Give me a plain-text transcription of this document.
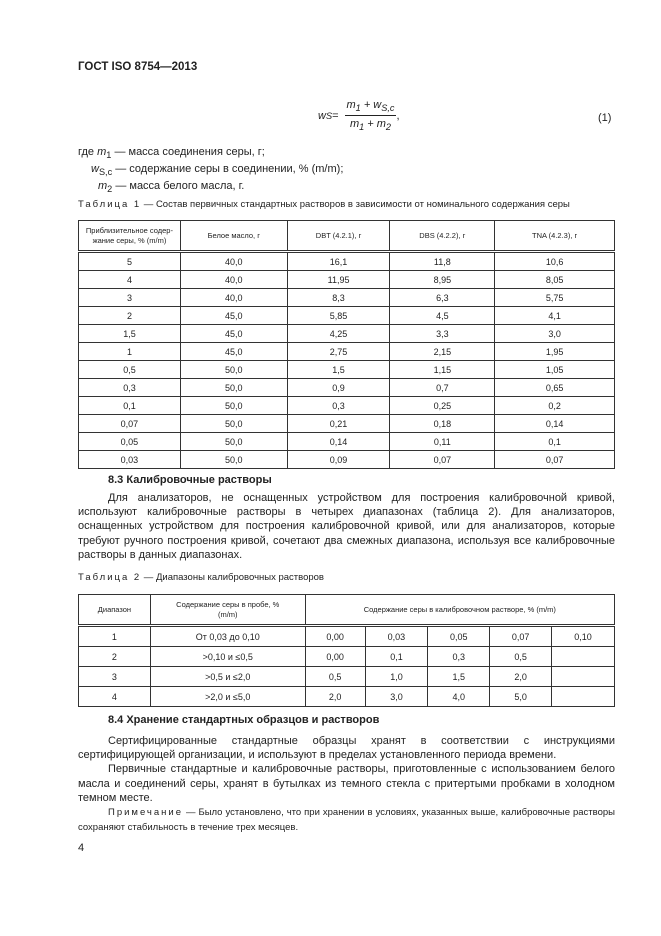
ГОСТ ISO 8754—2013
w $S = \frac{m_1 + w_{S,c}}{m_1 + m_2}$ ,	(1)
где $m_1$ — масса соединения серы, г;
$w_{S,c}$ — содержание серы в соединении, % (m/m);
$m_2$ — масса белого масла, г.
Таблица 1 — Состав первичных стандартных растворов в зависимости от номинального содержания серы
Приблизительное содер-жание серы, % (m/m)	Белое масло, г	DBT (4.2.1), г	DBS (4.2.2), г	TNA (4.2.3), г
5	40,0	16,1	11,8	10,6
4	40,0	11,95	8,95	8,05
3	40,0	8,3	6,3	5,75
2	45,0	5,85	4,5	4,1
1,5	45,0	4,25	3,3	3,0
1	45,0	2,75	2,15	1,95
0,5	50,0	1,5	1,15	1,05
0,3	50,0	0,9	0,7	0,65
0,1	50,0	0,3	0,25	0,2
0,07	50,0	0,21	0,18	0,14
0,05	50,0	0,14	0,11	0,1
0,03	50,0	0,09	0,07	0,07
8.3 Калибровочные растворы

Для анализаторов, не оснащенных устройством для построения калибровочной кривой, используют калибровочные растворы в четырех диапазонах (таблица 2). Для анализаторов, оснащенных устройством для построения калибровочной кривой, или для анализаторов, которые требуют ручного построения кривой, сочетают два смежных диапазона, используя все калибровочные растворы в данных диапазонах.

Таблица 2 — Диапазоны калибровочных растворов
Диапазон	Содержание серы в пробе, % (m/m)	Содержание серы в калибровочном растворе, % (m/m)				
1	От 0,03 до 0,10	0,00	0,03	0,05	0,07	0,10
2	>0,10 и ≤0,5	0,00	0,1	0,3	0,5	
3	>0,5 и ≤2,0	0,5	1,0	1,5	2,0	
4	>2,0 и ≤5,0	2,0	3,0	4,0	5,0	
8.4 Хранение стандартных образцов и растворов

Сертифицированные стандартные образцы хранят в соответствии с инструкциями сертифицирующей организации, и используют в пределах установленного периода времени.

Первичные стандартные и калибровочные растворы, приготовленные с использованием белого масла и соединений серы, хранят в бутылках из темного стекла с притертыми пробками в холодном темном месте.

Примечание — Было установлено, что при хранении в условиях, указанных выше, калибровочные растворы сохраняют стабильность в течение трех месяцев.
4
